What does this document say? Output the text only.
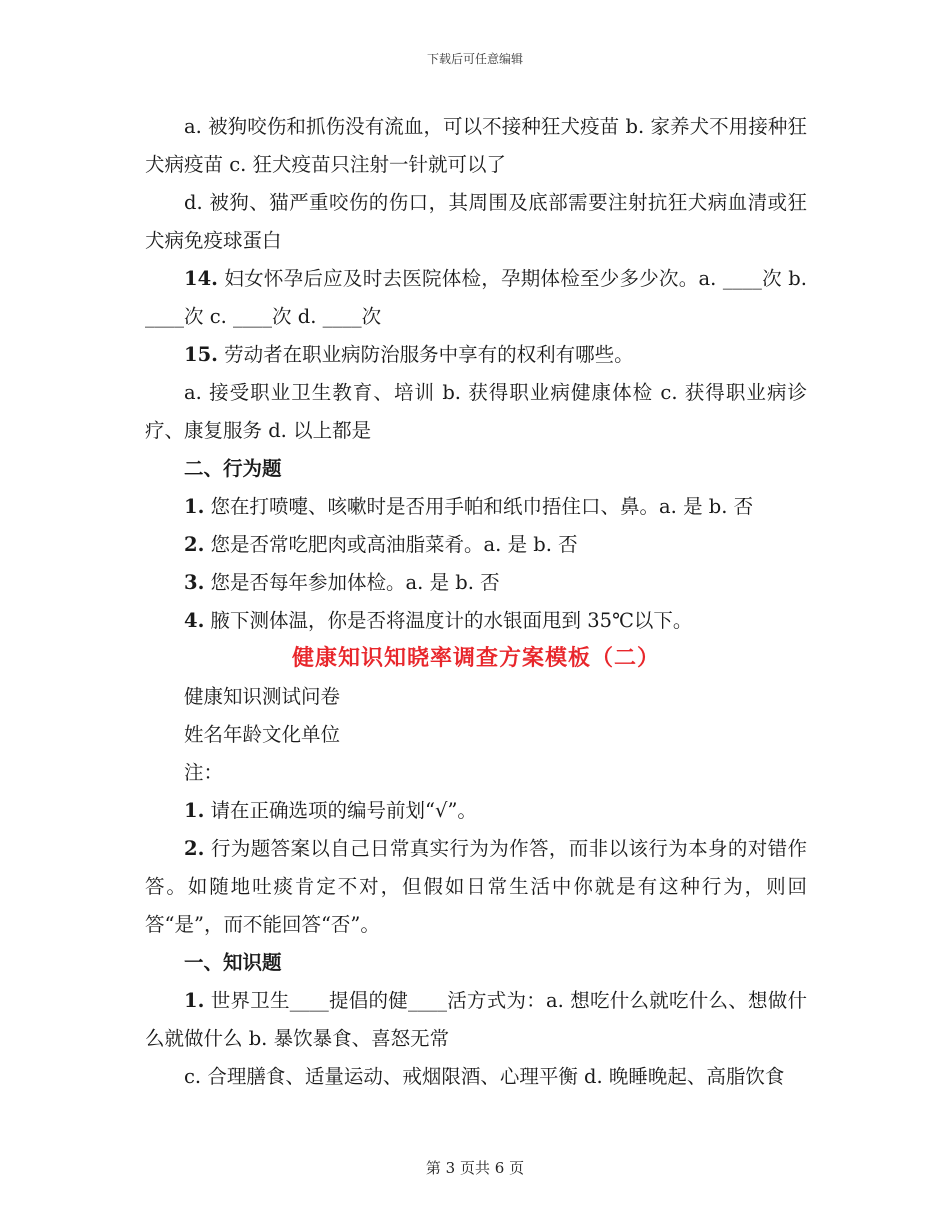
下载后可任意编辑

a. 被狗咬伤和抓伤没有流血，可以不接种狂犬疫苗 b. 家养犬不用接种狂犬病疫苗 c. 狂犬疫苗只注射一针就可以了

d. 被狗、猫严重咬伤的伤口，其周围及底部需要注射抗狂犬病血清或狂犬病免疫球蛋白

14. 妇女怀孕后应及时去医院体检，孕期体检至少多少次。a. ____次 b. ____次 c. ____次 d. ____次

15. 劳动者在职业病防治服务中享有的权利有哪些。

a. 接受职业卫生教育、培训 b. 获得职业病健康体检 c. 获得职业病诊疗、康复服务 d. 以上都是

二、行为题

1. 您在打喷嚏、咳嗽时是否用手帕和纸巾捂住口、鼻。a. 是 b. 否

2. 您是否常吃肥肉或高油脂菜肴。a. 是 b. 否

3. 您是否每年参加体检。a. 是 b. 否

4. 腋下测体温，你是否将温度计的水银面甩到 35℃以下。

健康知识知晓率调查方案模板（二）

健康知识测试问卷

姓名年龄文化单位

注：

1. 请在正确选项的编号前划“√”。

2. 行为题答案以自己日常真实行为为作答，而非以该行为本身的对错作答。如随地吐痰肯定不对，但假如日常生活中你就是有这种行为，则回答“是”，而不能回答“否”。

一、知识题

1. 世界卫生____提倡的健____活方式为：a. 想吃什么就吃什么、想做什么就做什么 b. 暴饮暴食、喜怒无常

c. 合理膳食、适量运动、戒烟限酒、心理平衡 d. 晚睡晚起、高脂饮食

第 3 页共 6 页
